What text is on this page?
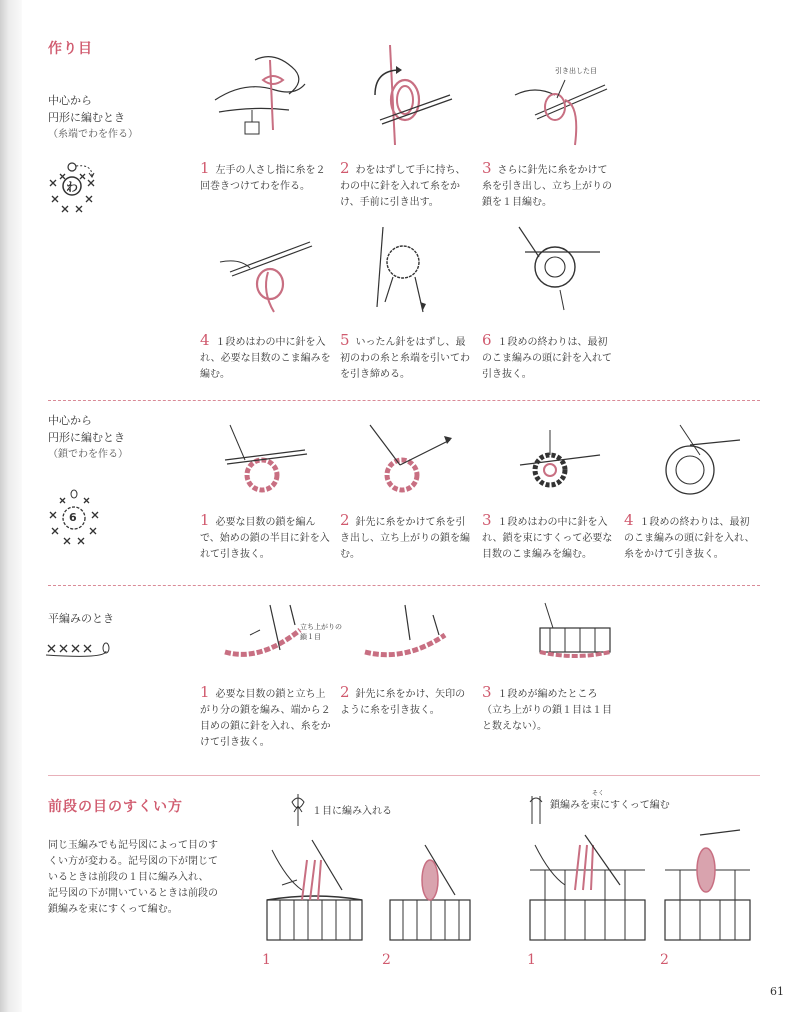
作り目
中心から
円形に編むとき
（糸端でわを作る）
わ
引き出した目
1 左手の人さし指に糸を２回巻きつけてわを作る。
2 わをはずして手に持ち、わの中に針を入れて糸をかけ、手前に引き出す。
3 さらに針先に糸をかけて糸を引き出し、立ち上がりの鎖を１目編む。
4 １段めはわの中に針を入れ、必要な目数のこま編みを編む。
5 いったん針をはずし、最初のわの糸と糸端を引いてわを引き締める。
6 １段めの終わりは、最初のこま編みの頭に針を入れて引き抜く。
中心から
円形に編むとき
（鎖でわを作る）
6	1 必要な目数の鎖を編んで、始めの鎖の半目に針を入れて引き抜く。
2 針先に糸をかけて糸を引き出し、立ち上がりの鎖を編む。
3 １段めはわの中に針を入れ、鎖を束にすくって必要な目数のこま編みを編む。
4 １段めの終わりは、最初のこま編みの頭に針を入れ、糸をかけて引き抜く。
平編みのとき
立ち上がりの
鎖１目
1 必要な目数の鎖と立ち上がり分の鎖を編み、端から２目めの鎖に針を入れ、糸をかけて引き抜く。
2 針先に糸をかけ、矢印のように糸を引き抜く。
3 １段めが編めたところ（立ち上がりの鎖１目は１目と数えない）。
前段の目のすくい方
同じ玉編みでも記号図によって目のすくい方が変わる。記号図の下が閉じているときは前段の１目に編み入れ、記号図の下が開いているときは前段の鎖編みを束にすくって編む。
１目に編み入れる
そく
鎖編みを束にすくって編む
1	2	1	2
61
